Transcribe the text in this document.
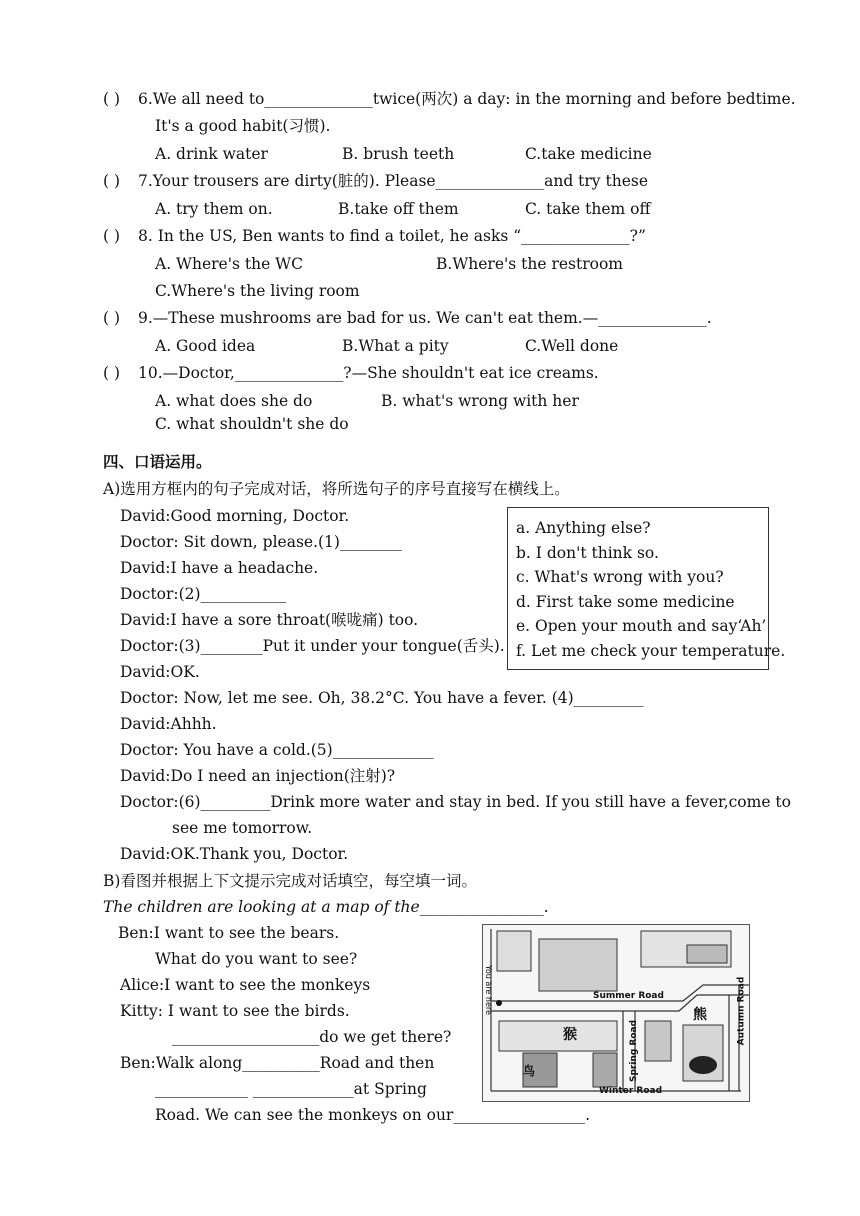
( ) 6.We all need to______________twice(两次) a day: in the morning and before bedtime.
It's a good habit(习惯).
A. drink water	B. brush teeth	C.take medicine
( ) 7.Your trousers are dirty(脏的). Please______________and try these
A. try them on.	B.take off them	C. take them off
( ) 8. In the US, Ben wants to find a toilet, he asks “______________?”
A. Where's the WC	B.Where's the restroom
C.Where's the living room
( ) 9.—These mushrooms are bad for us. We can't eat them.—______________.
A. Good idea	B.What a pity	C.Well done
( ) 10.—Doctor,______________?—She shouldn't eat ice creams.
A. what does she do	B. what's wrong with her
C. what shouldn't she do
四、口语运用。
A)选用方框内的句子完成对话，将所选句子的序号直接写在横线上。
David:Good morning, Doctor.
Doctor: Sit down, please.(1)________
David:I have a headache.
Doctor:(2)___________
David:I have a sore throat(喉咙痛) too.
Doctor:(3)________Put it under your tongue(舌头).
David:OK.
Doctor: Now, let me see. Oh, 38.2°C. You have a fever. (4)_________
David:Ahhh.
Doctor: You have a cold.(5)_____________
David:Do I need an injection(注射)?
Doctor:(6)_________Drink more water and stay in bed. If you still have a fever,come to
see me tomorrow.
David:OK.Thank you, Doctor.
a. Anything else?
b. I don't think so.
c. What's wrong with you?
d. First take some medicine
e. Open your mouth and say‘Ah’
f. Let me check your temperature.
B)看图并根据上下文提示完成对话填空，每空填一词。
The children are looking at a map of the________________.
Ben:I want to see the bears.
What do you want to see?
Alice:I want to see the monkeys
Kitty: I want to see the birds.
___________________do we get there?
Ben:Walk along__________Road and then
____________ _____________at Spring
Road. We can see the monkeys on our_________________.
Summer Road
Winter Road
Spring Road
Autumn Road
You are here
猴
熊
鸟
